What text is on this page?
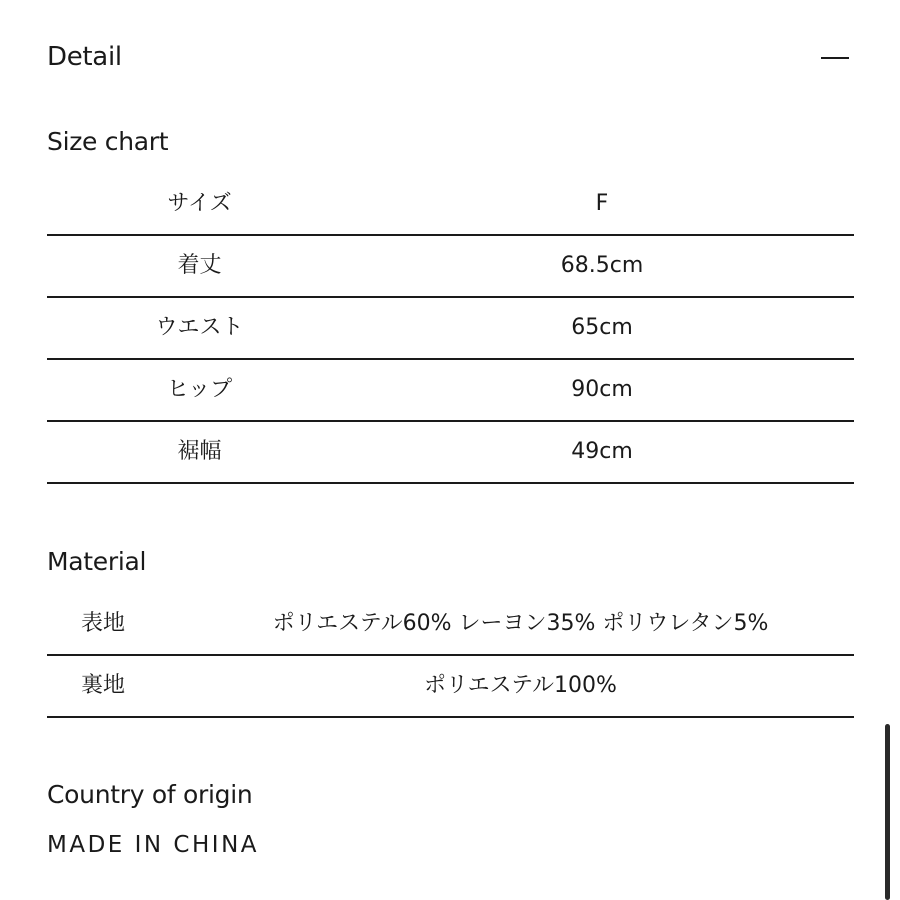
Detail
Size chart
サイズ	F
着丈	68.5cm
ウエスト	65cm
ヒップ	90cm
裾幅	49cm
Material
表地	ポリエステル60% レーヨン35% ポリウレタン5%
裏地	ポリエステル100%
Country of origin
MADE IN CHINA
